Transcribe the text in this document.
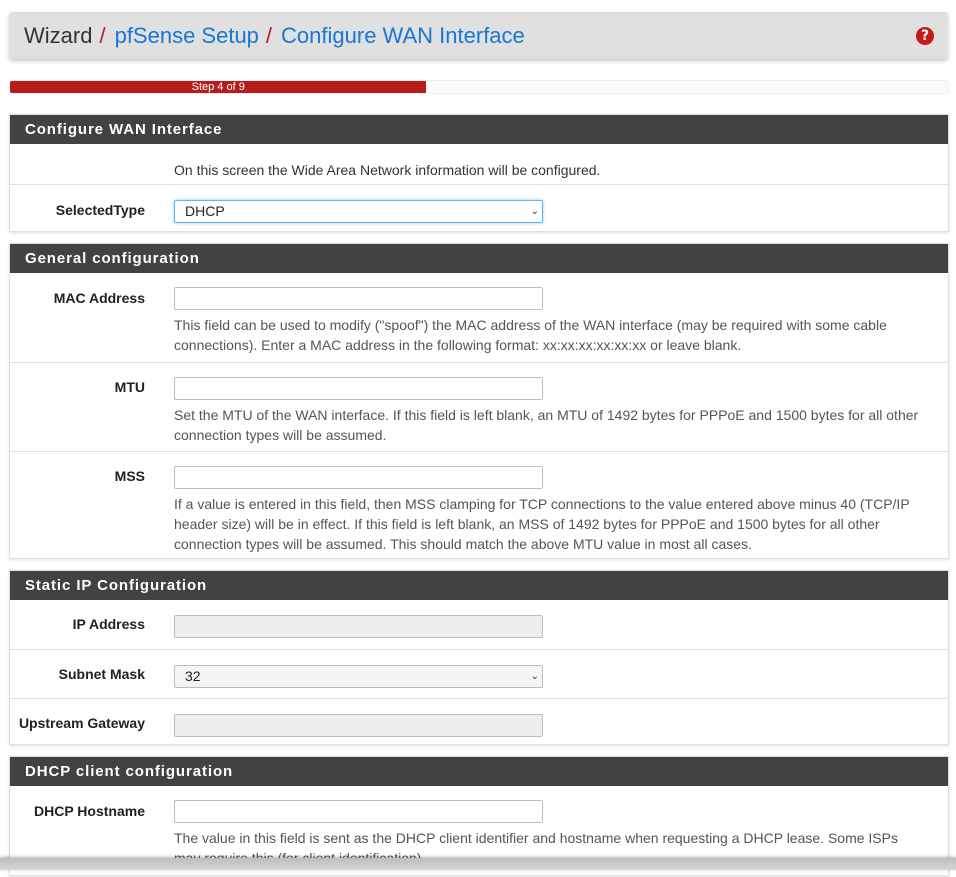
Wizard / pfSense Setup / Configure WAN Interface	?
Step 4 of 9
Configure WAN Interface
On this screen the Wide Area Network information will be configured.
SelectedType	DHCP	⌄
General configuration
MAC Address
This field can be used to modify ("spoof") the MAC address of the WAN interface (may be required with some cable connections). Enter a MAC address in the following format: xx:xx:xx:xx:xx:xx or leave blank.
MTU
Set the MTU of the WAN interface. If this field is left blank, an MTU of 1492 bytes for PPPoE and 1500 bytes for all other connection types will be assumed.
MSS
If a value is entered in this field, then MSS clamping for TCP connections to the value entered above minus 40 (TCP/IP header size) will be in effect. If this field is left blank, an MSS of 1492 bytes for PPPoE and 1500 bytes for all other connection types will be assumed. This should match the above MTU value in most all cases.
Static IP Configuration
IP Address
Subnet Mask	32	⌄
Upstream Gateway
DHCP client configuration
DHCP Hostname
The value in this field is sent as the DHCP client identifier and hostname when requesting a DHCP lease. Some ISPs
